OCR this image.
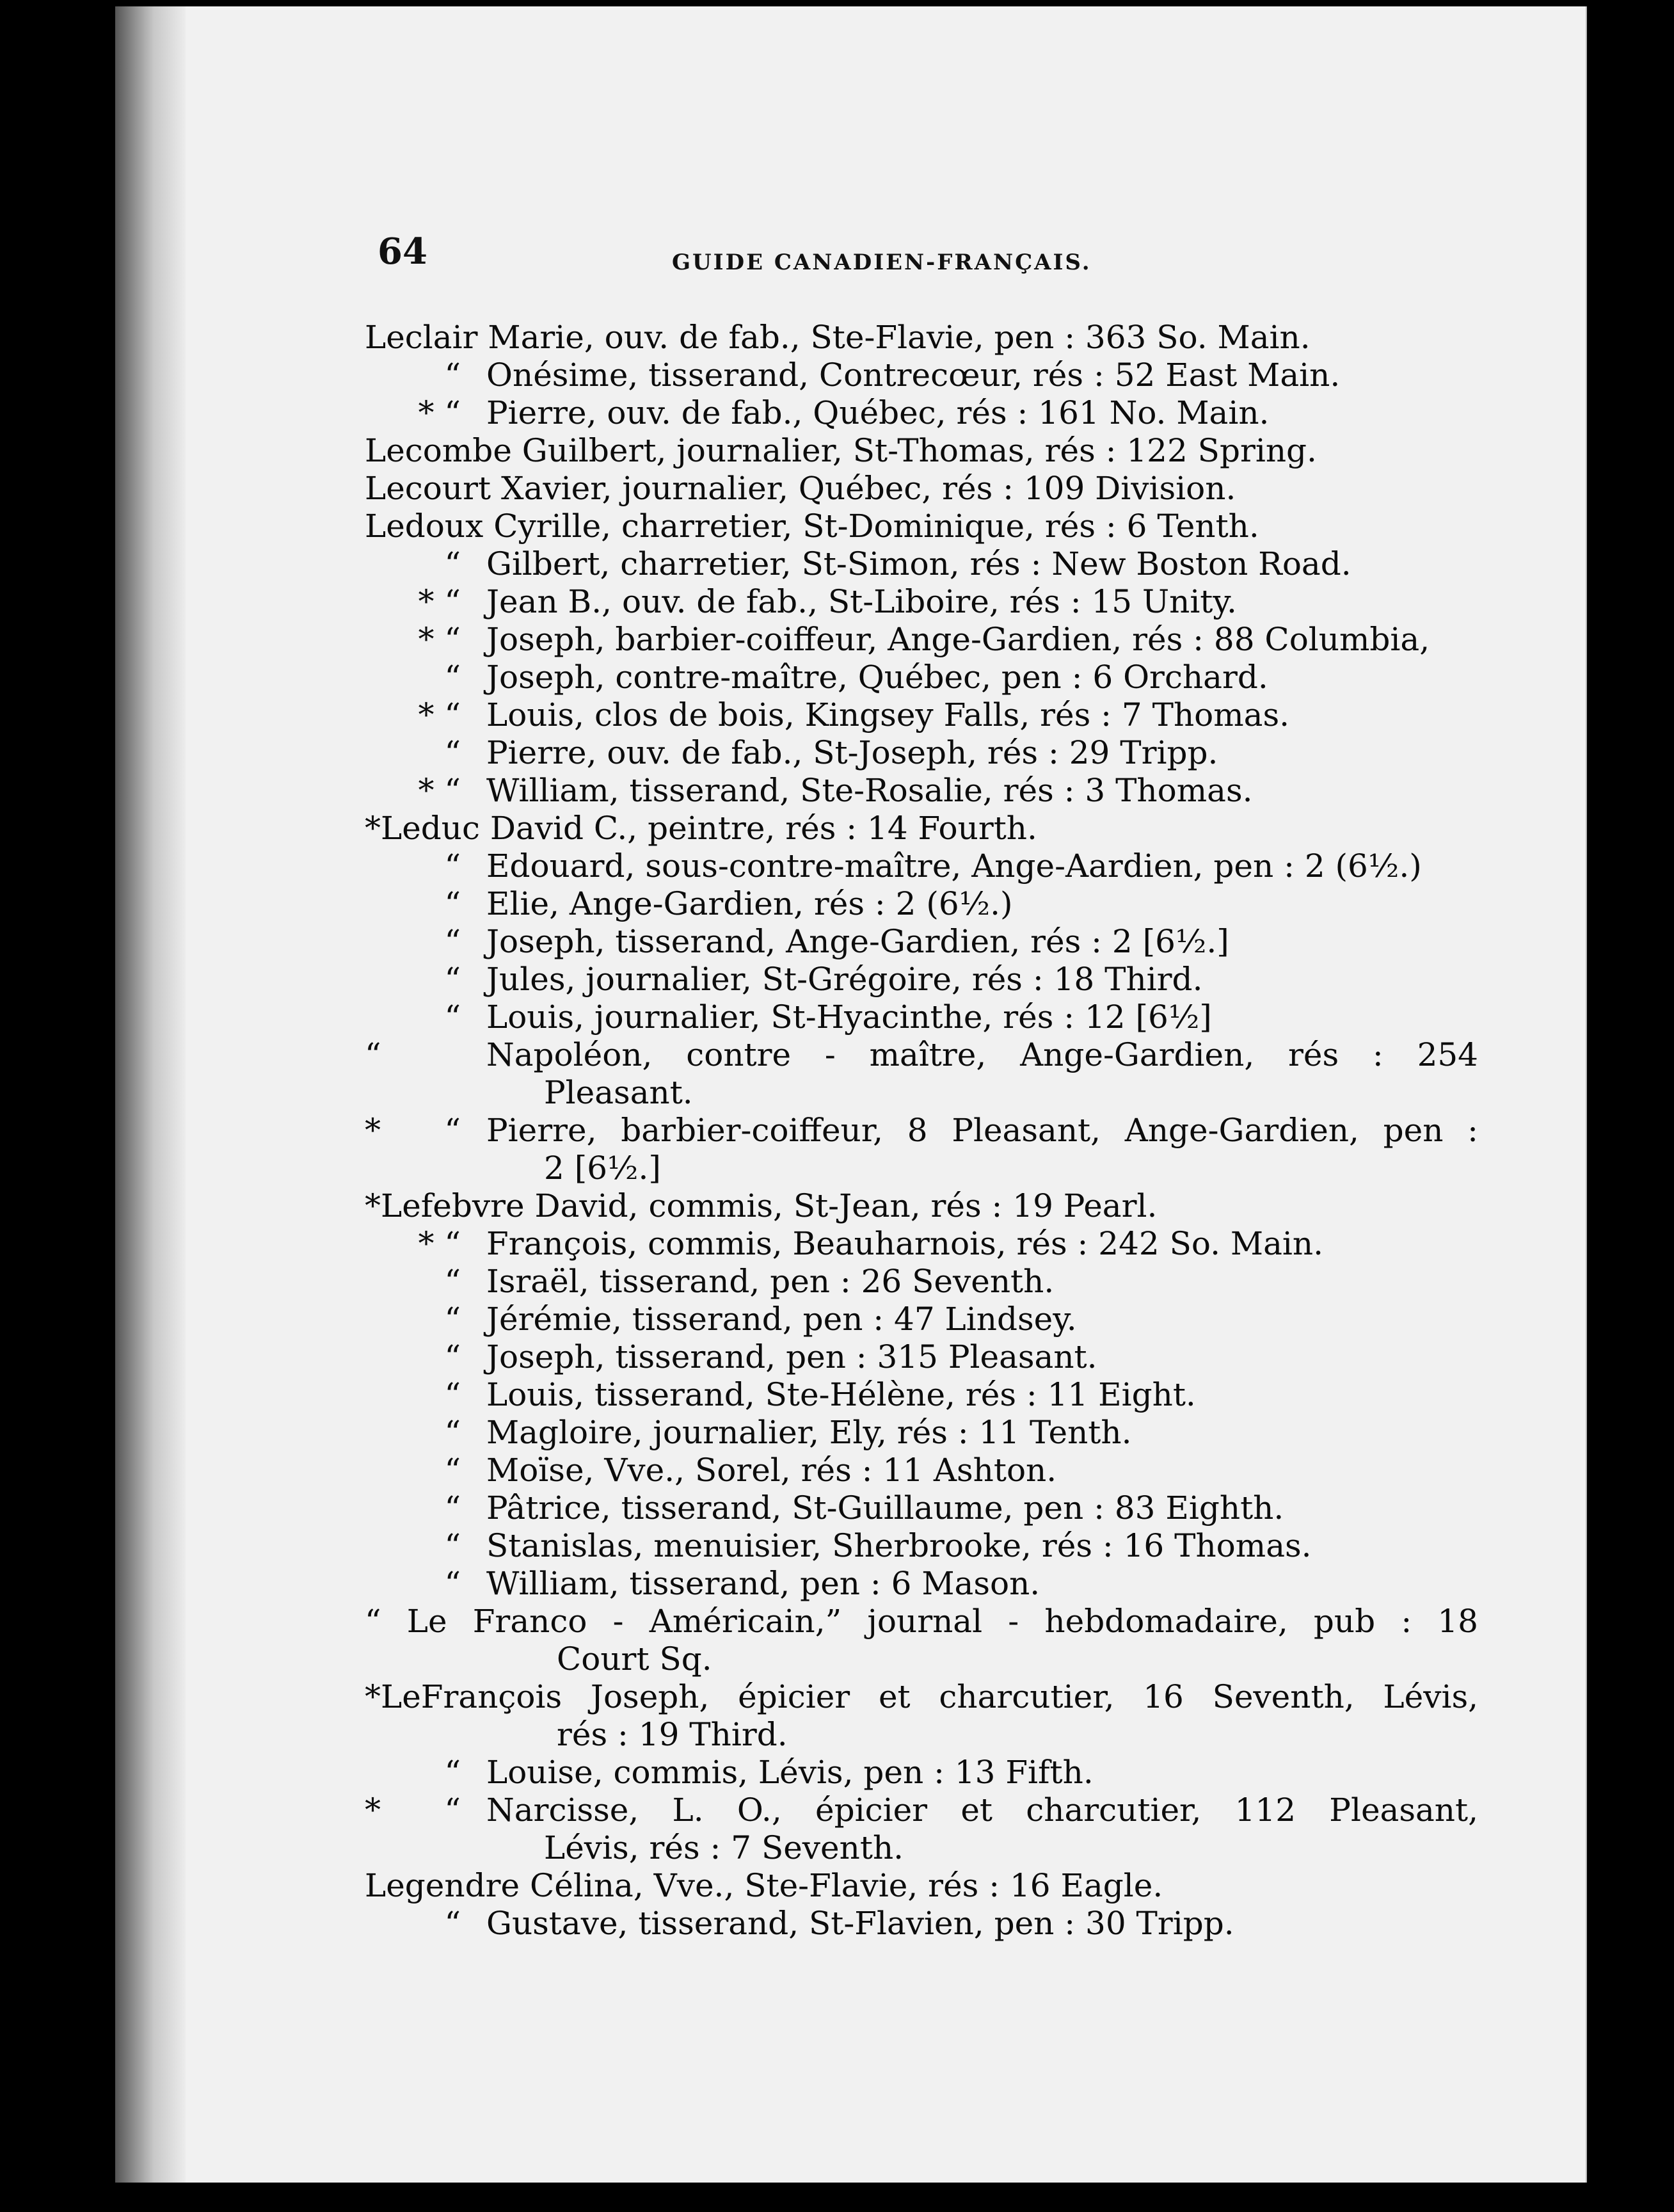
64	GUIDE CANADIEN-FRANÇAIS.
Leclair Marie, ouv. de fab., Ste-Flavie, pen : 363 So. Main.
“ Onésime, tisserand, Contrecœur, rés : 52 East Main.
* “ Pierre, ouv. de fab., Québec, rés : 161 No. Main.
Lecombe Guilbert, journalier, St-Thomas, rés : 122 Spring.
Lecourt Xavier, journalier, Québec, rés : 109 Division.
Ledoux Cyrille, charretier, St-Dominique, rés : 6 Tenth.
“ Gilbert, charretier, St-Simon, rés : New Boston Road.
* “ Jean B., ouv. de fab., St-Liboire, rés : 15 Unity.
* “ Joseph, barbier-coiffeur, Ange-Gardien, rés : 88 Columbia,
“ Joseph, contre-maître, Québec, pen : 6 Orchard.
* “ Louis, clos de bois, Kingsey Falls, rés : 7 Thomas.
“ Pierre, ouv. de fab., St-Joseph, rés : 29 Tripp.
* “ William, tisserand, Ste-Rosalie, rés : 3 Thomas.
*Leduc David C., peintre, rés : 14 Fourth.
“ Edouard, sous-contre-maître, Ange-Aardien, pen : 2 (6½.)
“ Elie, Ange-Gardien, rés : 2 (6½.)
“ Joseph, tisserand, Ange-Gardien, rés : 2 [6½.]
“ Jules, journalier, St-Grégoire, rés : 18 Third.
“ Louis, journalier, St-Hyacinthe, rés : 12 [6½]
“	Napoléon, contre - maître, Ange-Gardien, rés : 254
Pleasant.
* “ Pierre, barbier-coiffeur, 8 Pleasant, Ange-Gardien, pen :
2 [6½.]
*Lefebvre David, commis, St-Jean, rés : 19 Pearl.
* “ François, commis, Beauharnois, rés : 242 So. Main.
“ Israël, tisserand, pen : 26 Seventh.
“ Jérémie, tisserand, pen : 47 Lindsey.
“ Joseph, tisserand, pen : 315 Pleasant.
“ Louis, tisserand, Ste-Hélène, rés : 11 Eight.
“ Magloire, journalier, Ely, rés : 11 Tenth.
“ Moïse, Vve., Sorel, rés : 11 Ashton.
“ Pâtrice, tisserand, St-Guillaume, pen : 83 Eighth.
“ Stanislas, menuisier, Sherbrooke, rés : 16 Thomas.
“ William, tisserand, pen : 6 Mason.
“ Le Franco - Américain,” journal - hebdomadaire, pub : 18
Court Sq.
*LeFrançois Joseph, épicier et charcutier, 16 Seventh, Lévis,
rés : 19 Third.
“ Louise, commis, Lévis, pen : 13 Fifth.
* “ Narcisse, L. O., épicier et charcutier, 112 Pleasant,
Lévis, rés : 7 Seventh.
Legendre Célina, Vve., Ste-Flavie, rés : 16 Eagle.
“ Gustave, tisserand, St-Flavien, pen : 30 Tripp.
